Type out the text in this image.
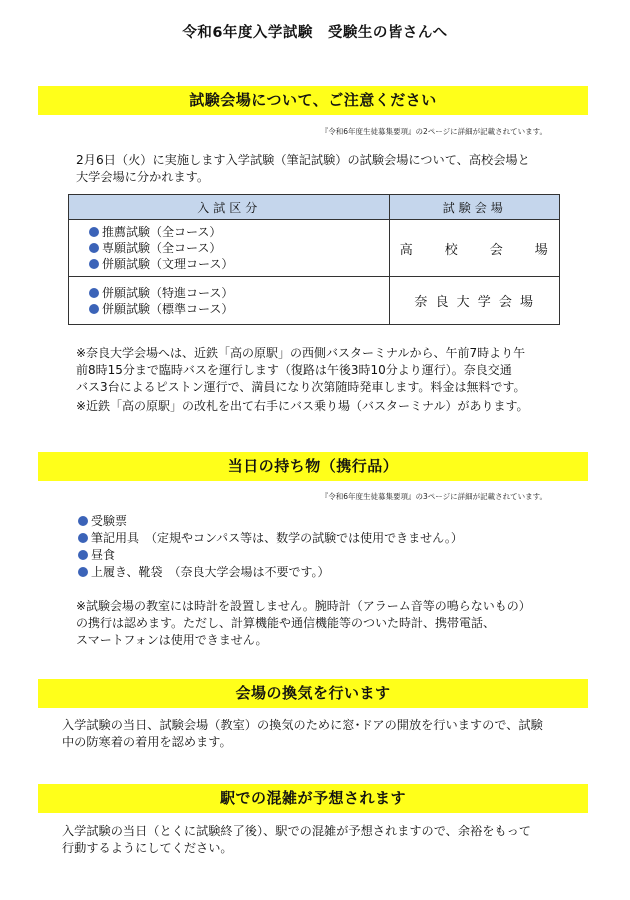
令和6年度入学試験　受験生の皆さんへ
試験会場について、ご注意ください
『令和6年度生徒募集要項』の2ページに詳細が記載されています。

2月6日（火）に実施します入学試験（筆記試験）の試験会場について、高校会場と
大学会場に分かれます。

入試区分	試験会場

推薦試験（全コース）
専願試験（全コース）
併願試験（文理コース）	高　　校　　会　　場

併願試験（特進コース）
併願試験（標準コース）	奈 良 大 学 会 場

※奈良大学会場へは、近鉄「高の原駅」の西側バスターミナルから、午前7時より午
前8時15分まで臨時バスを運行します（復路は午後3時10分より運行）。奈良交通
バス3台によるピストン運行で、満員になり次第随時発車します。料金は無料です。

※近鉄「高の原駅」の改札を出て右手にバス乗り場（バスターミナル）があります。

当日の持ち物（携行品）
『令和6年度生徒募集要項』の3ページに詳細が記載されています。
受験票
筆記用具　（定規やコンパス等は、数学の試験では使用できません。）
昼食
上履き、靴袋　（奈良大学会場は不要です。）

※試験会場の教室には時計を設置しません。腕時計（アラーム音等の鳴らないもの）
の携行は認めます。ただし、計算機能や通信機能等のついた時計、携帯電話、
スマートフォンは使用できません。

会場の換気を行います

入学試験の当日、試験会場（教室）の換気のために窓･ドアの開放を行いますので、試験
中の防寒着の着用を認めます。

駅での混雑が予想されます

入学試験の当日（とくに試験終了後）、駅での混雑が予想されますので、余裕をもって
行動するようにしてください。
